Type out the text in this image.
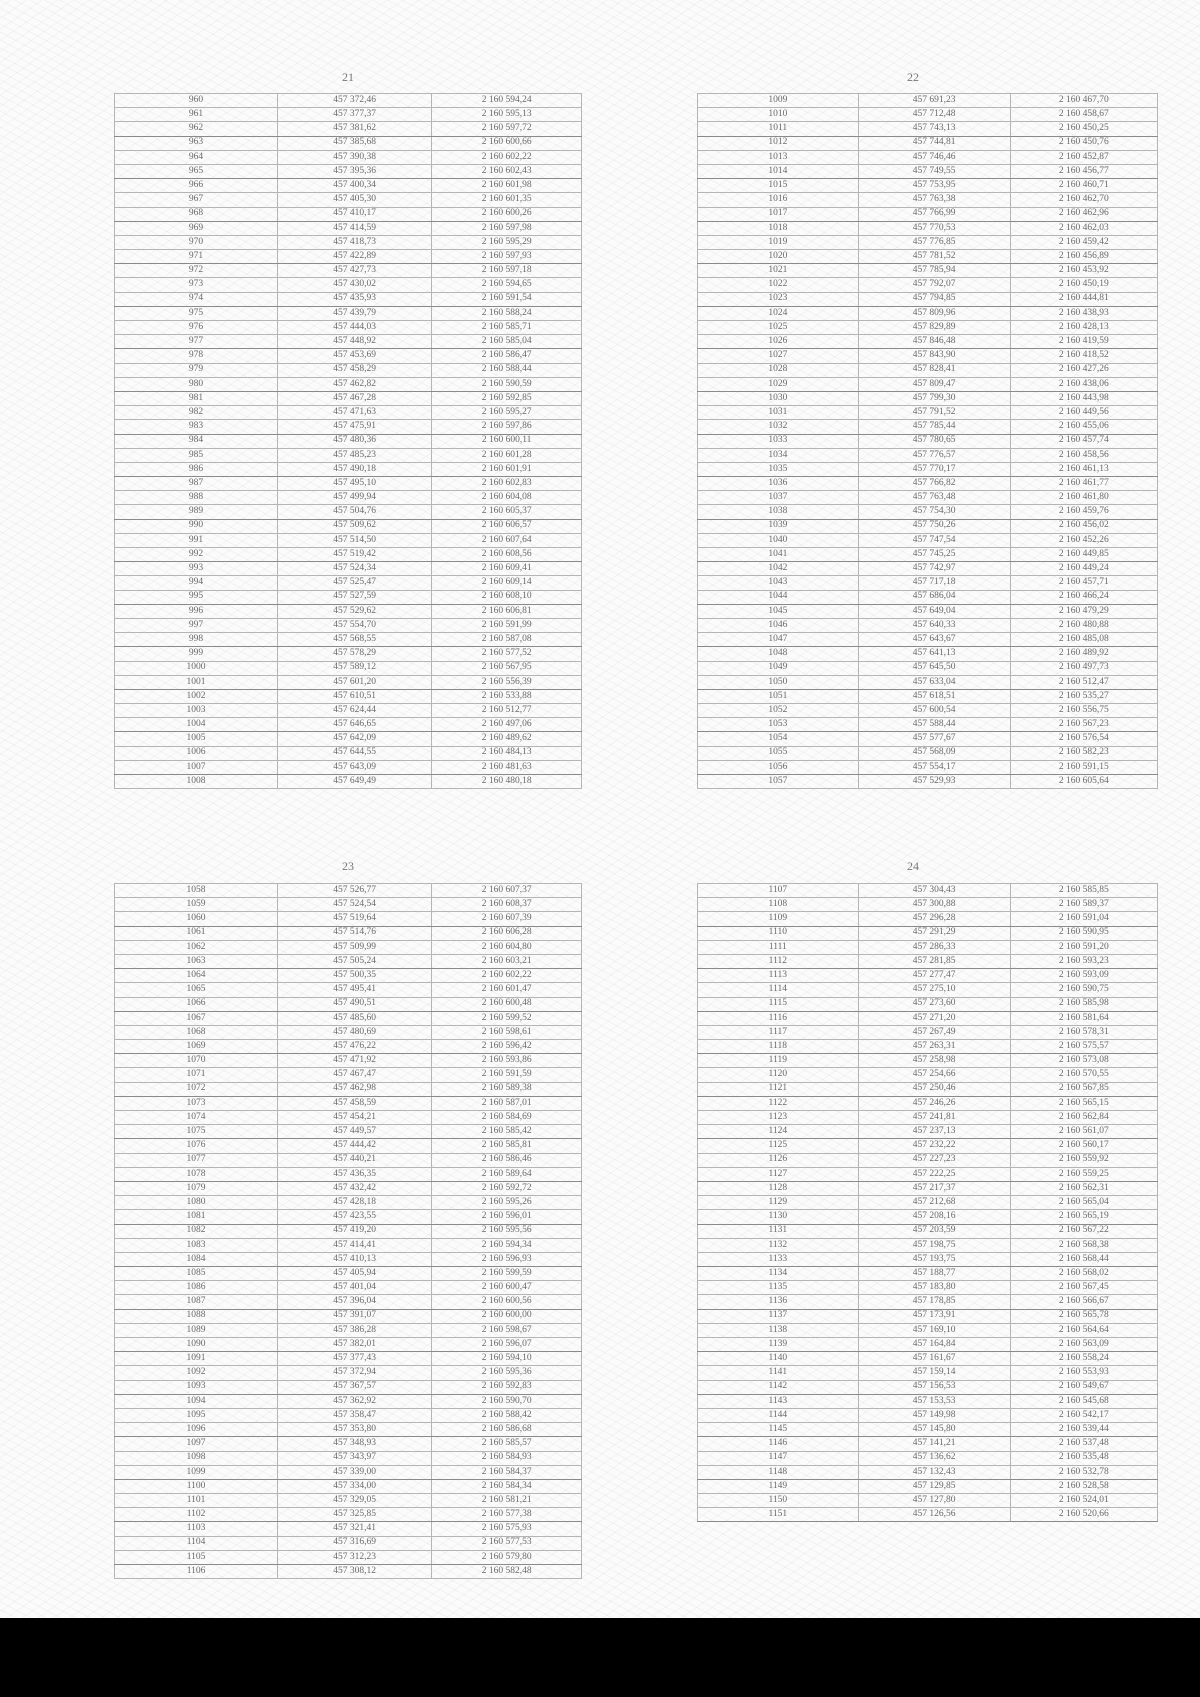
21
960	457 372,46	2 160 594,24
961	457 377,37	2 160 595,13
962	457 381,62	2 160 597,72
963	457 385,68	2 160 600,66
964	457 390,38	2 160 602,22
965	457 395,36	2 160 602,43
966	457 400,34	2 160 601,98
967	457 405,30	2 160 601,35
968	457 410,17	2 160 600,26
969	457 414,59	2 160 597,98
970	457 418,73	2 160 595,29
971	457 422,89	2 160 597,93
972	457 427,73	2 160 597,18
973	457 430,02	2 160 594,65
974	457 435,93	2 160 591,54
975	457 439,79	2 160 588,24
976	457 444,03	2 160 585,71
977	457 448,92	2 160 585,04
978	457 453,69	2 160 586,47
979	457 458,29	2 160 588,44
980	457 462,82	2 160 590,59
981	457 467,28	2 160 592,85
982	457 471,63	2 160 595,27
983	457 475,91	2 160 597,86
984	457 480,36	2 160 600,11
985	457 485,23	2 160 601,28
986	457 490,18	2 160 601,91
987	457 495,10	2 160 602,83
988	457 499,94	2 160 604,08
989	457 504,76	2 160 605,37
990	457 509,62	2 160 606,57
991	457 514,50	2 160 607,64
992	457 519,42	2 160 608,56
993	457 524,34	2 160 609,41
994	457 525,47	2 160 609,14
995	457 527,59	2 160 608,10
996	457 529,62	2 160 606,81
997	457 554,70	2 160 591,99
998	457 568,55	2 160 587,08
999	457 578,29	2 160 577,52
1000	457 589,12	2 160 567,95
1001	457 601,20	2 160 556,39
1002	457 610,51	2 160 533,88
1003	457 624,44	2 160 512,77
1004	457 646,65	2 160 497,06
1005	457 642,09	2 160 489,62
1006	457 644,55	2 160 484,13
1007	457 643,09	2 160 481,63
1008	457 649,49	2 160 480,18
22
1009	457 691,23	2 160 467,70
1010	457 712,48	2 160 458,67
1011	457 743,13	2 160 450,25
1012	457 744,81	2 160 450,76
1013	457 746,46	2 160 452,87
1014	457 749,55	2 160 456,77
1015	457 753,95	2 160 460,71
1016	457 763,38	2 160 462,70
1017	457 766,99	2 160 462,96
1018	457 770,53	2 160 462,03
1019	457 776,85	2 160 459,42
1020	457 781,52	2 160 456,89
1021	457 785,94	2 160 453,92
1022	457 792,07	2 160 450,19
1023	457 794,85	2 160 444,81
1024	457 809,96	2 160 438,93
1025	457 829,89	2 160 428,13
1026	457 846,48	2 160 419,59
1027	457 843,90	2 160 418,52
1028	457 828,41	2 160 427,26
1029	457 809,47	2 160 438,06
1030	457 799,30	2 160 443,98
1031	457 791,52	2 160 449,56
1032	457 785,44	2 160 455,06
1033	457 780,65	2 160 457,74
1034	457 776,57	2 160 458,56
1035	457 770,17	2 160 461,13
1036	457 766,82	2 160 461,77
1037	457 763,48	2 160 461,80
1038	457 754,30	2 160 459,76
1039	457 750,26	2 160 456,02
1040	457 747,54	2 160 452,26
1041	457 745,25	2 160 449,85
1042	457 742,97	2 160 449,24
1043	457 717,18	2 160 457,71
1044	457 686,04	2 160 466,24
1045	457 649,04	2 160 479,29
1046	457 640,33	2 160 480,88
1047	457 643,67	2 160 485,08
1048	457 641,13	2 160 489,92
1049	457 645,50	2 160 497,73
1050	457 633,04	2 160 512,47
1051	457 618,51	2 160 535,27
1052	457 600,54	2 160 556,75
1053	457 588,44	2 160 567,23
1054	457 577,67	2 160 576,54
1055	457 568,09	2 160 582,23
1056	457 554,17	2 160 591,15
1057	457 529,93	2 160 605,64
23
1058	457 526,77	2 160 607,37
1059	457 524,54	2 160 608,37
1060	457 519,64	2 160 607,39
1061	457 514,76	2 160 606,28
1062	457 509,99	2 160 604,80
1063	457 505,24	2 160 603,21
1064	457 500,35	2 160 602,22
1065	457 495,41	2 160 601,47
1066	457 490,51	2 160 600,48
1067	457 485,60	2 160 599,52
1068	457 480,69	2 160 598,61
1069	457 476,22	2 160 596,42
1070	457 471,92	2 160 593,86
1071	457 467,47	2 160 591,59
1072	457 462,98	2 160 589,38
1073	457 458,59	2 160 587,01
1074	457 454,21	2 160 584,69
1075	457 449,57	2 160 585,42
1076	457 444,42	2 160 585,81
1077	457 440,21	2 160 586,46
1078	457 436,35	2 160 589,64
1079	457 432,42	2 160 592,72
1080	457 428,18	2 160 595,26
1081	457 423,55	2 160 596,01
1082	457 419,20	2 160 595,56
1083	457 414,41	2 160 594,34
1084	457 410,13	2 160 596,93
1085	457 405,94	2 160 599,59
1086	457 401,04	2 160 600,47
1087	457 396,04	2 160 600,56
1088	457 391,07	2 160 600,00
1089	457 386,28	2 160 598,67
1090	457 382,01	2 160 596,07
1091	457 377,43	2 160 594,10
1092	457 372,94	2 160 595,36
1093	457 367,57	2 160 592,83
1094	457 362,92	2 160 590,70
1095	457 358,47	2 160 588,42
1096	457 353,80	2 160 586,68
1097	457 348,93	2 160 585,57
1098	457 343,97	2 160 584,93
1099	457 339,00	2 160 584,37
1100	457 334,00	2 160 584,34
1101	457 329,05	2 160 581,21
1102	457 325,85	2 160 577,38
1103	457 321,41	2 160 575,93
1104	457 316,69	2 160 577,53
1105	457 312,23	2 160 579,80
1106	457 308,12	2 160 582,48
24
1107	457 304,43	2 160 585,85
1108	457 300,88	2 160 589,37
1109	457 296,28	2 160 591,04
1110	457 291,29	2 160 590,95
1111	457 286,33	2 160 591,20
1112	457 281,85	2 160 593,23
1113	457 277,47	2 160 593,09
1114	457 275,10	2 160 590,75
1115	457 273,60	2 160 585,98
1116	457 271,20	2 160 581,64
1117	457 267,49	2 160 578,31
1118	457 263,31	2 160 575,57
1119	457 258,98	2 160 573,08
1120	457 254,66	2 160 570,55
1121	457 250,46	2 160 567,85
1122	457 246,26	2 160 565,15
1123	457 241,81	2 160 562,84
1124	457 237,13	2 160 561,07
1125	457 232,22	2 160 560,17
1126	457 227,23	2 160 559,92
1127	457 222,25	2 160 559,25
1128	457 217,37	2 160 562,31
1129	457 212,68	2 160 565,04
1130	457 208,16	2 160 565,19
1131	457 203,59	2 160 567,22
1132	457 198,75	2 160 568,38
1133	457 193,75	2 160 568,44
1134	457 188,77	2 160 568,02
1135	457 183,80	2 160 567,45
1136	457 178,85	2 160 566,67
1137	457 173,91	2 160 565,78
1138	457 169,10	2 160 564,64
1139	457 164,84	2 160 563,09
1140	457 161,67	2 160 558,24
1141	457 159,14	2 160 553,93
1142	457 156,53	2 160 549,67
1143	457 153,53	2 160 545,68
1144	457 149,98	2 160 542,17
1145	457 145,80	2 160 539,44
1146	457 141,21	2 160 537,48
1147	457 136,62	2 160 535,48
1148	457 132,43	2 160 532,78
1149	457 129,85	2 160 528,58
1150	457 127,80	2 160 524,01
1151	457 126,56	2 160 520,66
